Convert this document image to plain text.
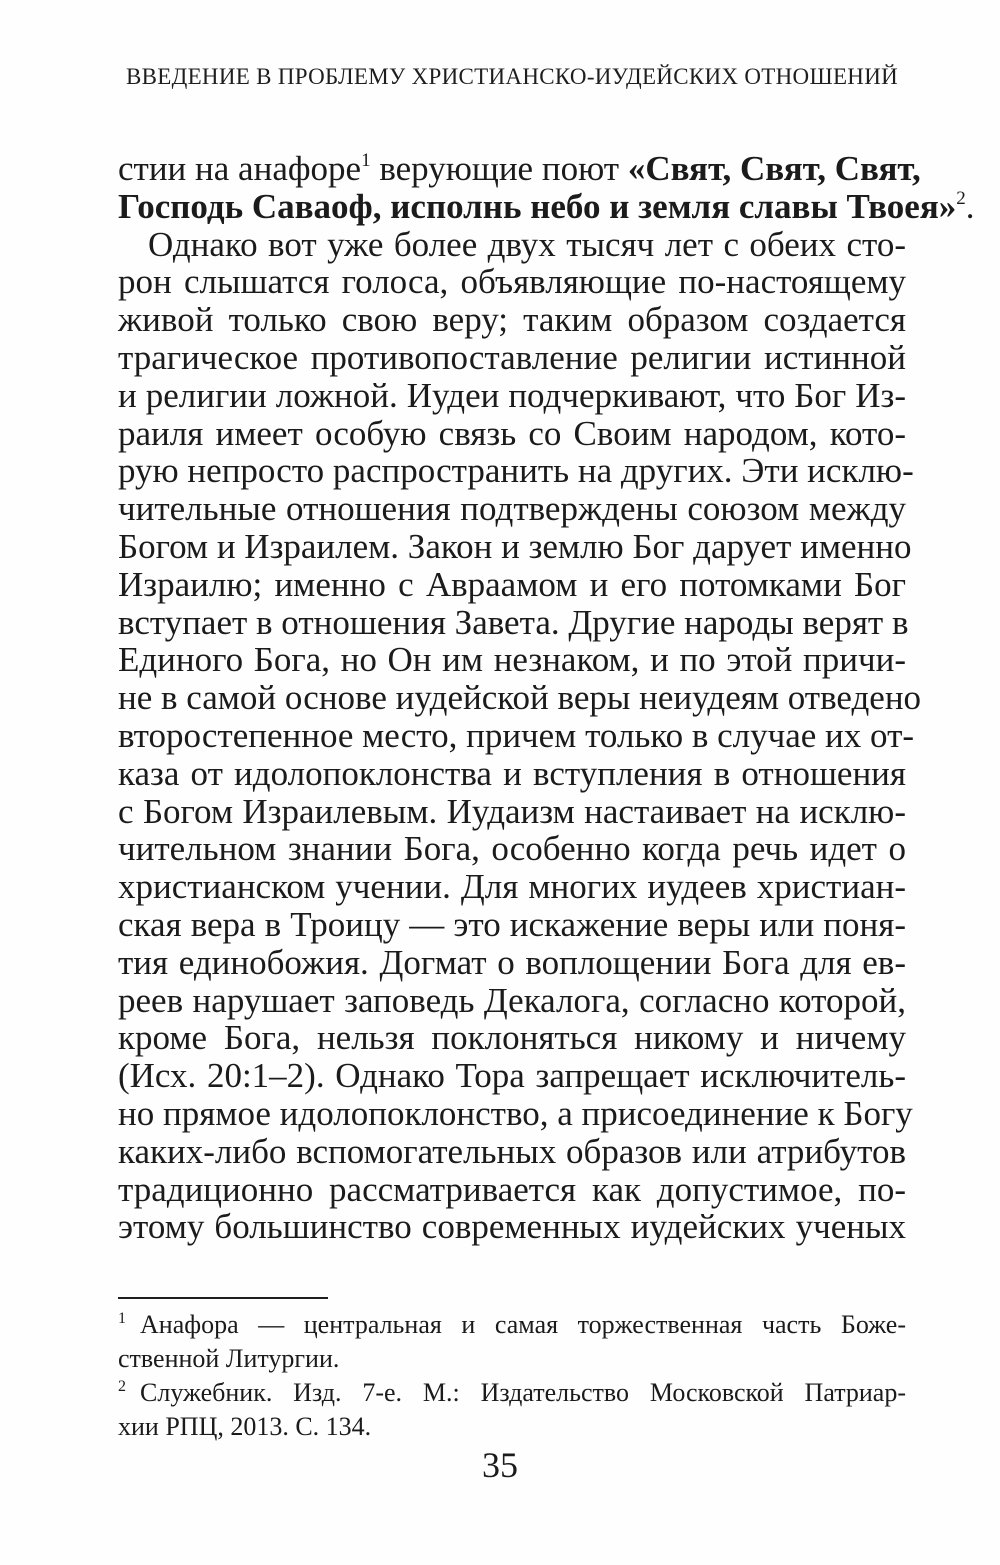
ВВЕДЕНИЕ В ПРОБЛЕМУ ХРИСТИАНСКО-ИУДЕЙСКИХ ОТНОШЕНИЙ
стии на анафоре$^1$ верующие поют «Свят, Свят, Свят,
Господь Саваоф, исполнь небо и земля славы Твоея»$^2$.
Однако вот уже более двух тысяч лет с обеих сто-
рон слышатся голоса, объявляющие по-настоящему
живой только свою веру; таким образом создается
трагическое противопоставление религии истинной
и религии ложной. Иудеи подчеркивают, что Бог Из-
раиля имеет особую связь со Своим народом, кото-
рую непросто распространить на других. Эти исклю-
чительные отношения подтверждены союзом между
Богом и Израилем. Закон и землю Бог дарует именно
Израилю; именно с Авраамом и его потомками Бог
вступает в отношения Завета. Другие народы верят в
Единого Бога, но Он им незнаком, и по этой причи-
не в самой основе иудейской веры неиудеям отведено
второстепенное место, причем только в случае их от-
каза от идолопоклонства и вступления в отношения
с Богом Израилевым. Иудаизм настаивает на исклю-
чительном знании Бога, особенно когда речь идет о
христианском учении. Для многих иудеев христиан-
ская вера в Троицу — это искажение веры или поня-
тия единобожия. Догмат о воплощении Бога для ев-
реев нарушает заповедь Декалога, согласно которой,
кроме Бога, нельзя поклоняться никому и ничему
(Исх. 20:1–2). Однако Тора запрещает исключитель-
но прямое идолопоклонство, а присоединение к Богу
каких-либо вспомогательных образов или атрибутов
традиционно рассматривается как допустимое, по-
этому большинство современных иудейских ученых
$^1$ Анафора — центральная и самая торжественная часть Боже-
ственной Литургии.
$^2$ Служебник. Изд. 7-е. М.: Издательство Московской Патриар-
хии РПЦ, 2013. С. 134.
35
